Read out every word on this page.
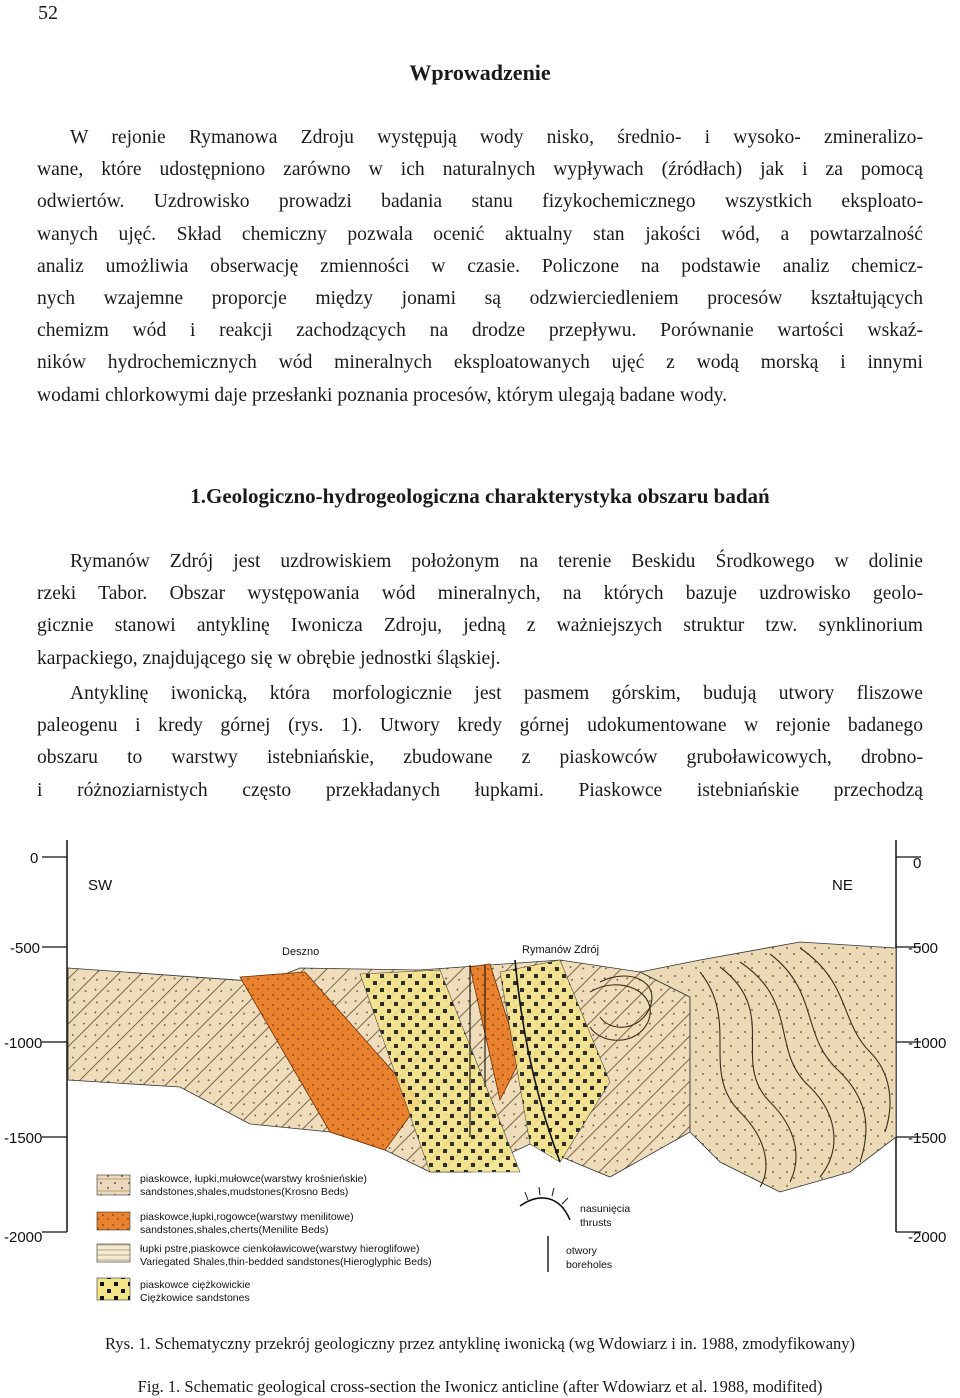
52
Wprowadzenie
W rejonie Rymanowa Zdroju występują wody nisko, średnio- i wysoko- zmineralizo-
wane, które udostępniono zarówno w ich naturalnych wypływach (źródłach) jak i za pomocą
odwiertów. Uzdrowisko prowadzi badania stanu fizykochemicznego wszystkich eksploato-
wanych ujęć. Skład chemiczny pozwala ocenić aktualny stan jakości wód, a powtarzalność
analiz umożliwia obserwację zmienności w czasie. Policzone na podstawie analiz chemicz-
nych wzajemne proporcje między jonami są odzwierciedleniem procesów kształtujących
chemizm wód i reakcji zachodzących na drodze przepływu. Porównanie wartości wskaź-
ników hydrochemicznych wód mineralnych eksploatowanych ujęć z wodą morską i innymi
wodami chlorkowymi daje przesłanki poznania procesów, którym ulegają badane wody.
1.Geologiczno-hydrogeologiczna charakterystyka obszaru badań
Rymanów Zdrój jest uzdrowiskiem położonym na terenie Beskidu Środkowego w dolinie
rzeki Tabor. Obszar występowania wód mineralnych, na których bazuje uzdrowisko geolo-
gicznie stanowi antyklinę Iwonicza Zdroju, jedną z ważniejszych struktur tzw. synklinorium
karpackiego, znajdującego się w obrębie jednostki śląskiej.
Antyklinę iwonicką, która morfologicznie jest pasmem górskim, budują utwory fliszowe
paleogenu i kredy górnej (rys. 1). Utwory kredy górnej udokumentowane w rejonie badanego
obszaru to warstwy istebniańskie, zbudowane z piaskowców gruboławicowych, drobno-
i różnoziarnistych często przekładanych łupkami. Piaskowce istebniańskie przechodzą
0
-500
-1000
-1500
-2000
0
-500
-1000
-1500
-2000
SW	NE
Deszno	Rymanów Zdrój
piaskowce, łupki,mułowce(warstwy krośnieńskie)
sandstones,shales,mudstones(Krosno Beds)
piaskowce,łupki,rogowce(warstwy menilitowe)
sandstones,shales,cherts(Menilite Beds)
łupki pstre,piaskowce cienkoławicowe(warstwy hieroglifowe)
Variegated Shales,thin-bedded sandstones(Hieroglyphic Beds)
piaskowce ciężkowickie
Ciężkowice sandstones
nasunięcia
thrusts
otwory
boreholes
Rys. 1. Schematyczny przekrój geologiczny przez antyklinę iwonicką (wg Wdowiarz i in. 1988, zmodyfikowany)
Fig. 1. Schematic geological cross-section the Iwonicz anticline (after Wdowiarz et al. 1988, modifited)
